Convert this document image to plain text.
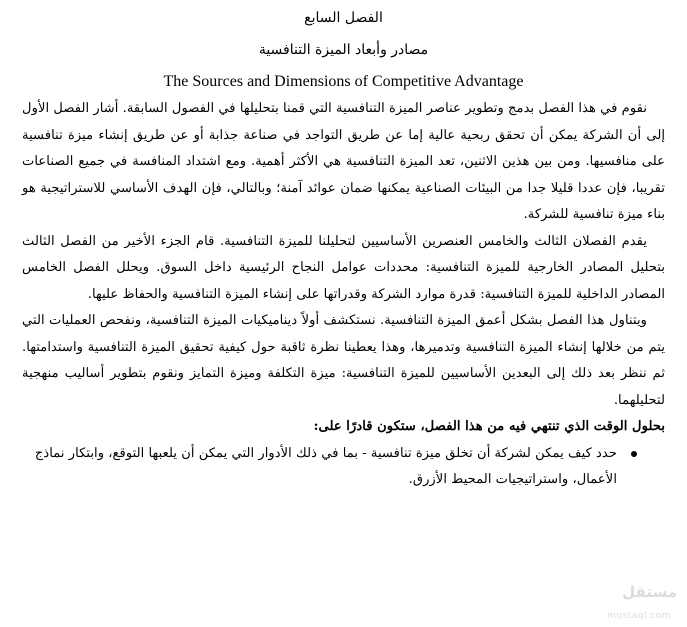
الفصل السابع

مصادر وأبعاد الميزة التنافسية

The Sources and Dimensions of Competitive Advantage

نقوم في هذا الفصل بدمج وتطوير عناصر الميزة التنافسية التي قمنا بتحليلها في الفصول السابقة. أشار الفصل الأول إلى أن الشركة يمكن أن تحقق ربحية عالية إما عن طريق التواجد في صناعة جذابة أو عن طريق إنشاء ميزة تنافسية على منافسيها. ومن بين هذين الاثنين، تعد الميزة التنافسية هي الأكثر أهمية. ومع اشتداد المنافسة في جميع الصناعات تقريبا، فإن عددا قليلا جدا من البيئات الصناعية يمكنها ضمان عوائد آمنة؛ وبالتالي، فإن الهدف الأساسي للاستراتيجية هو بناء ميزة تنافسية للشركة.

يقدم الفصلان الثالث والخامس العنصرين الأساسيين لتحليلنا للميزة التنافسية. قام الجزء الأخير من الفصل الثالث بتحليل المصادر الخارجية للميزة التنافسية: محددات عوامل النجاح الرئيسية داخل السوق. ويحلل الفصل الخامس المصادر الداخلية للميزة التنافسية: قدرة موارد الشركة وقدراتها على إنشاء الميزة التنافسية والحفاظ عليها.

ويتناول هذا الفصل بشكل أعمق الميزة التنافسية. نستكشف أولاً ديناميكيات الميزة التنافسية، ونفحص العمليات التي يتم من خلالها إنشاء الميزة التنافسية وتدميرها، وهذا يعطينا نظرة ثاقبة حول كيفية تحقيق الميزة التنافسية واستدامتها. ثم ننظر بعد ذلك إلى البعدين الأساسيين للميزة التنافسية: ميزة التكلفة وميزة التمايز ونقوم بتطوير أساليب منهجية لتحليلهما.

بحلول الوقت الذي تنتهي فيه من هذا الفصل، ستكون قادرًا على:

حدد كيف يمكن لشركة أن تخلق ميزة تنافسية - بما في ذلك الأدوار التي يمكن أن يلعبها التوقع، وابتكار نماذج الأعمال، واستراتيجيات المحيط الأزرق.
مستقل
mostaql.com
